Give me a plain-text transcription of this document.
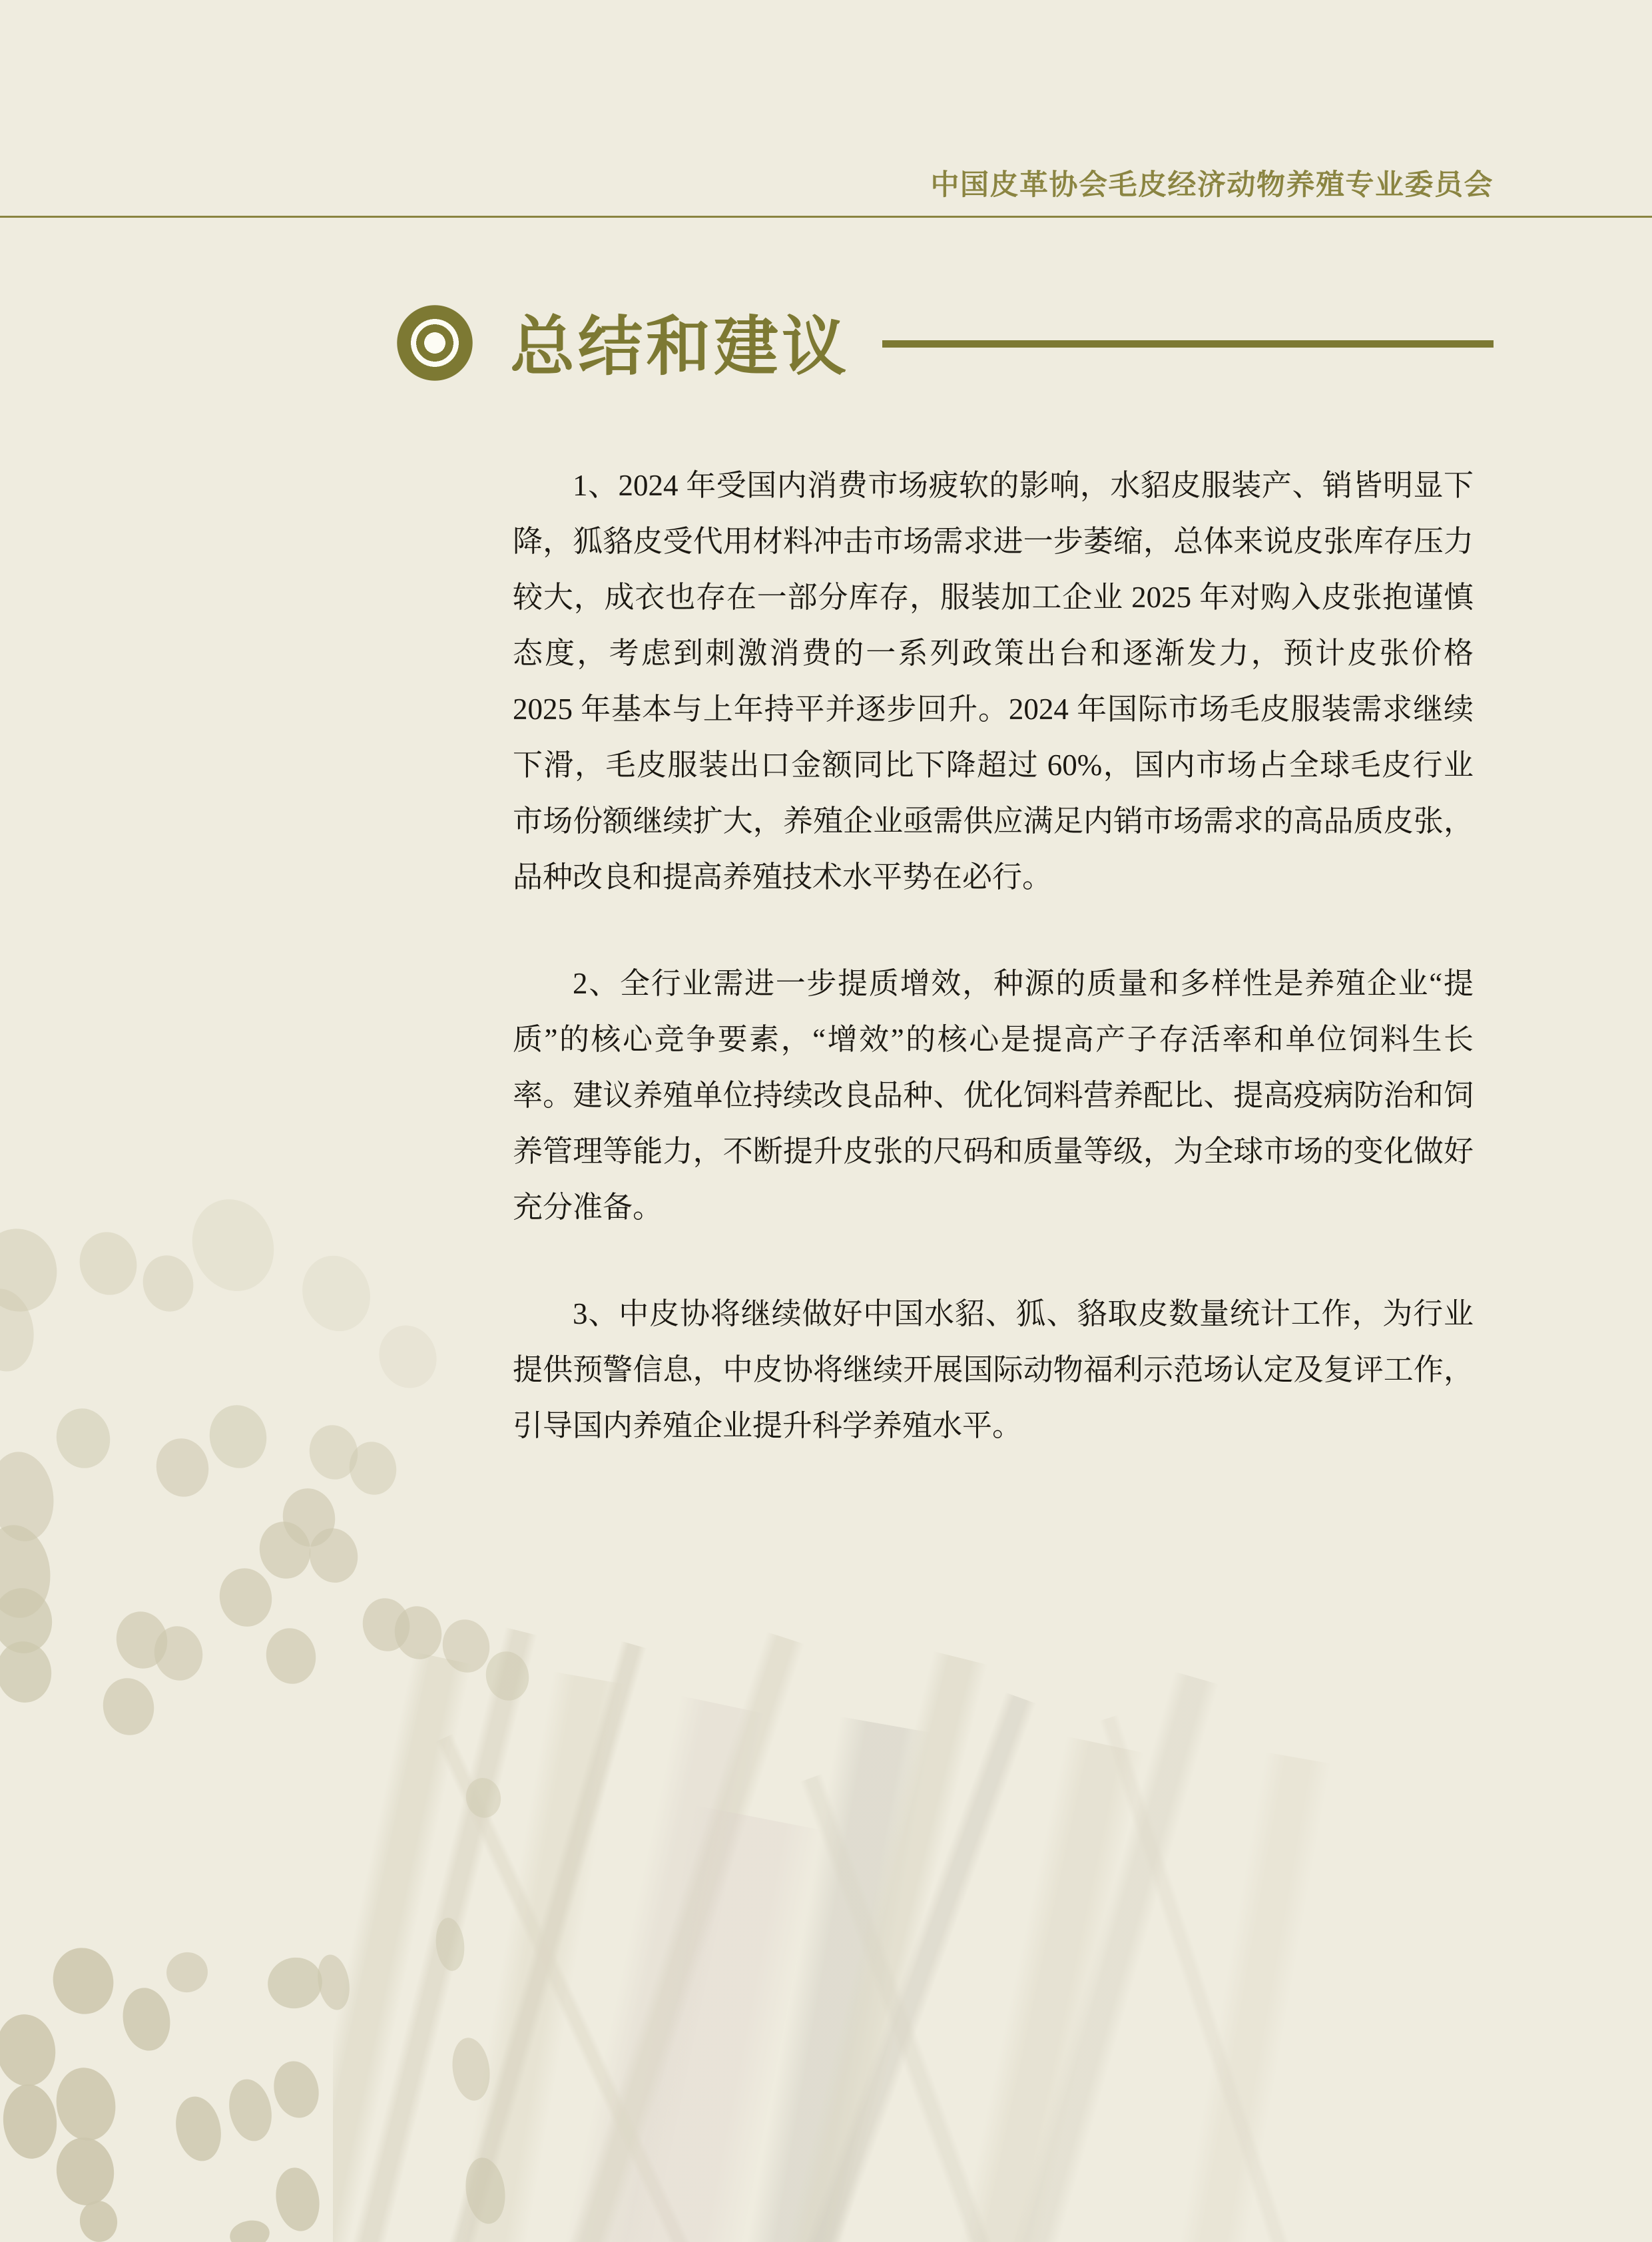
中国皮革协会毛皮经济动物养殖专业委员会
总结和建议

1、2024 年受国内消费市场疲软的影响，水貂皮服装产、销皆明显下降，狐貉皮受代用材料冲击市场需求进一步萎缩，总体来说皮张库存压力较大，成衣也存在一部分库存，服装加工企业 2025 年对购入皮张抱谨慎态度，考虑到刺激消费的一系列政策出台和逐渐发力，预计皮张价格 2025 年基本与上年持平并逐步回升。2024 年国际市场毛皮服装需求继续下滑，毛皮服装出口金额同比下降超过 60%，国内市场占全球毛皮行业市场份额继续扩大，养殖企业亟需供应满足内销市场需求的高品质皮张，品种改良和提高养殖技术水平势在必行。

2、全行业需进一步提质增效，种源的质量和多样性是养殖企业“提质”的核心竞争要素，“增效”的核心是提高产子存活率和单位饲料生长率。建议养殖单位持续改良品种、优化饲料营养配比、提高疫病防治和饲养管理等能力，不断提升皮张的尺码和质量等级，为全球市场的变化做好充分准备。

3、中皮协将继续做好中国水貂、狐、貉取皮数量统计工作，为行业提供预警信息，中皮协将继续开展国际动物福利示范场认定及复评工作，引导国内养殖企业提升科学养殖水平。
